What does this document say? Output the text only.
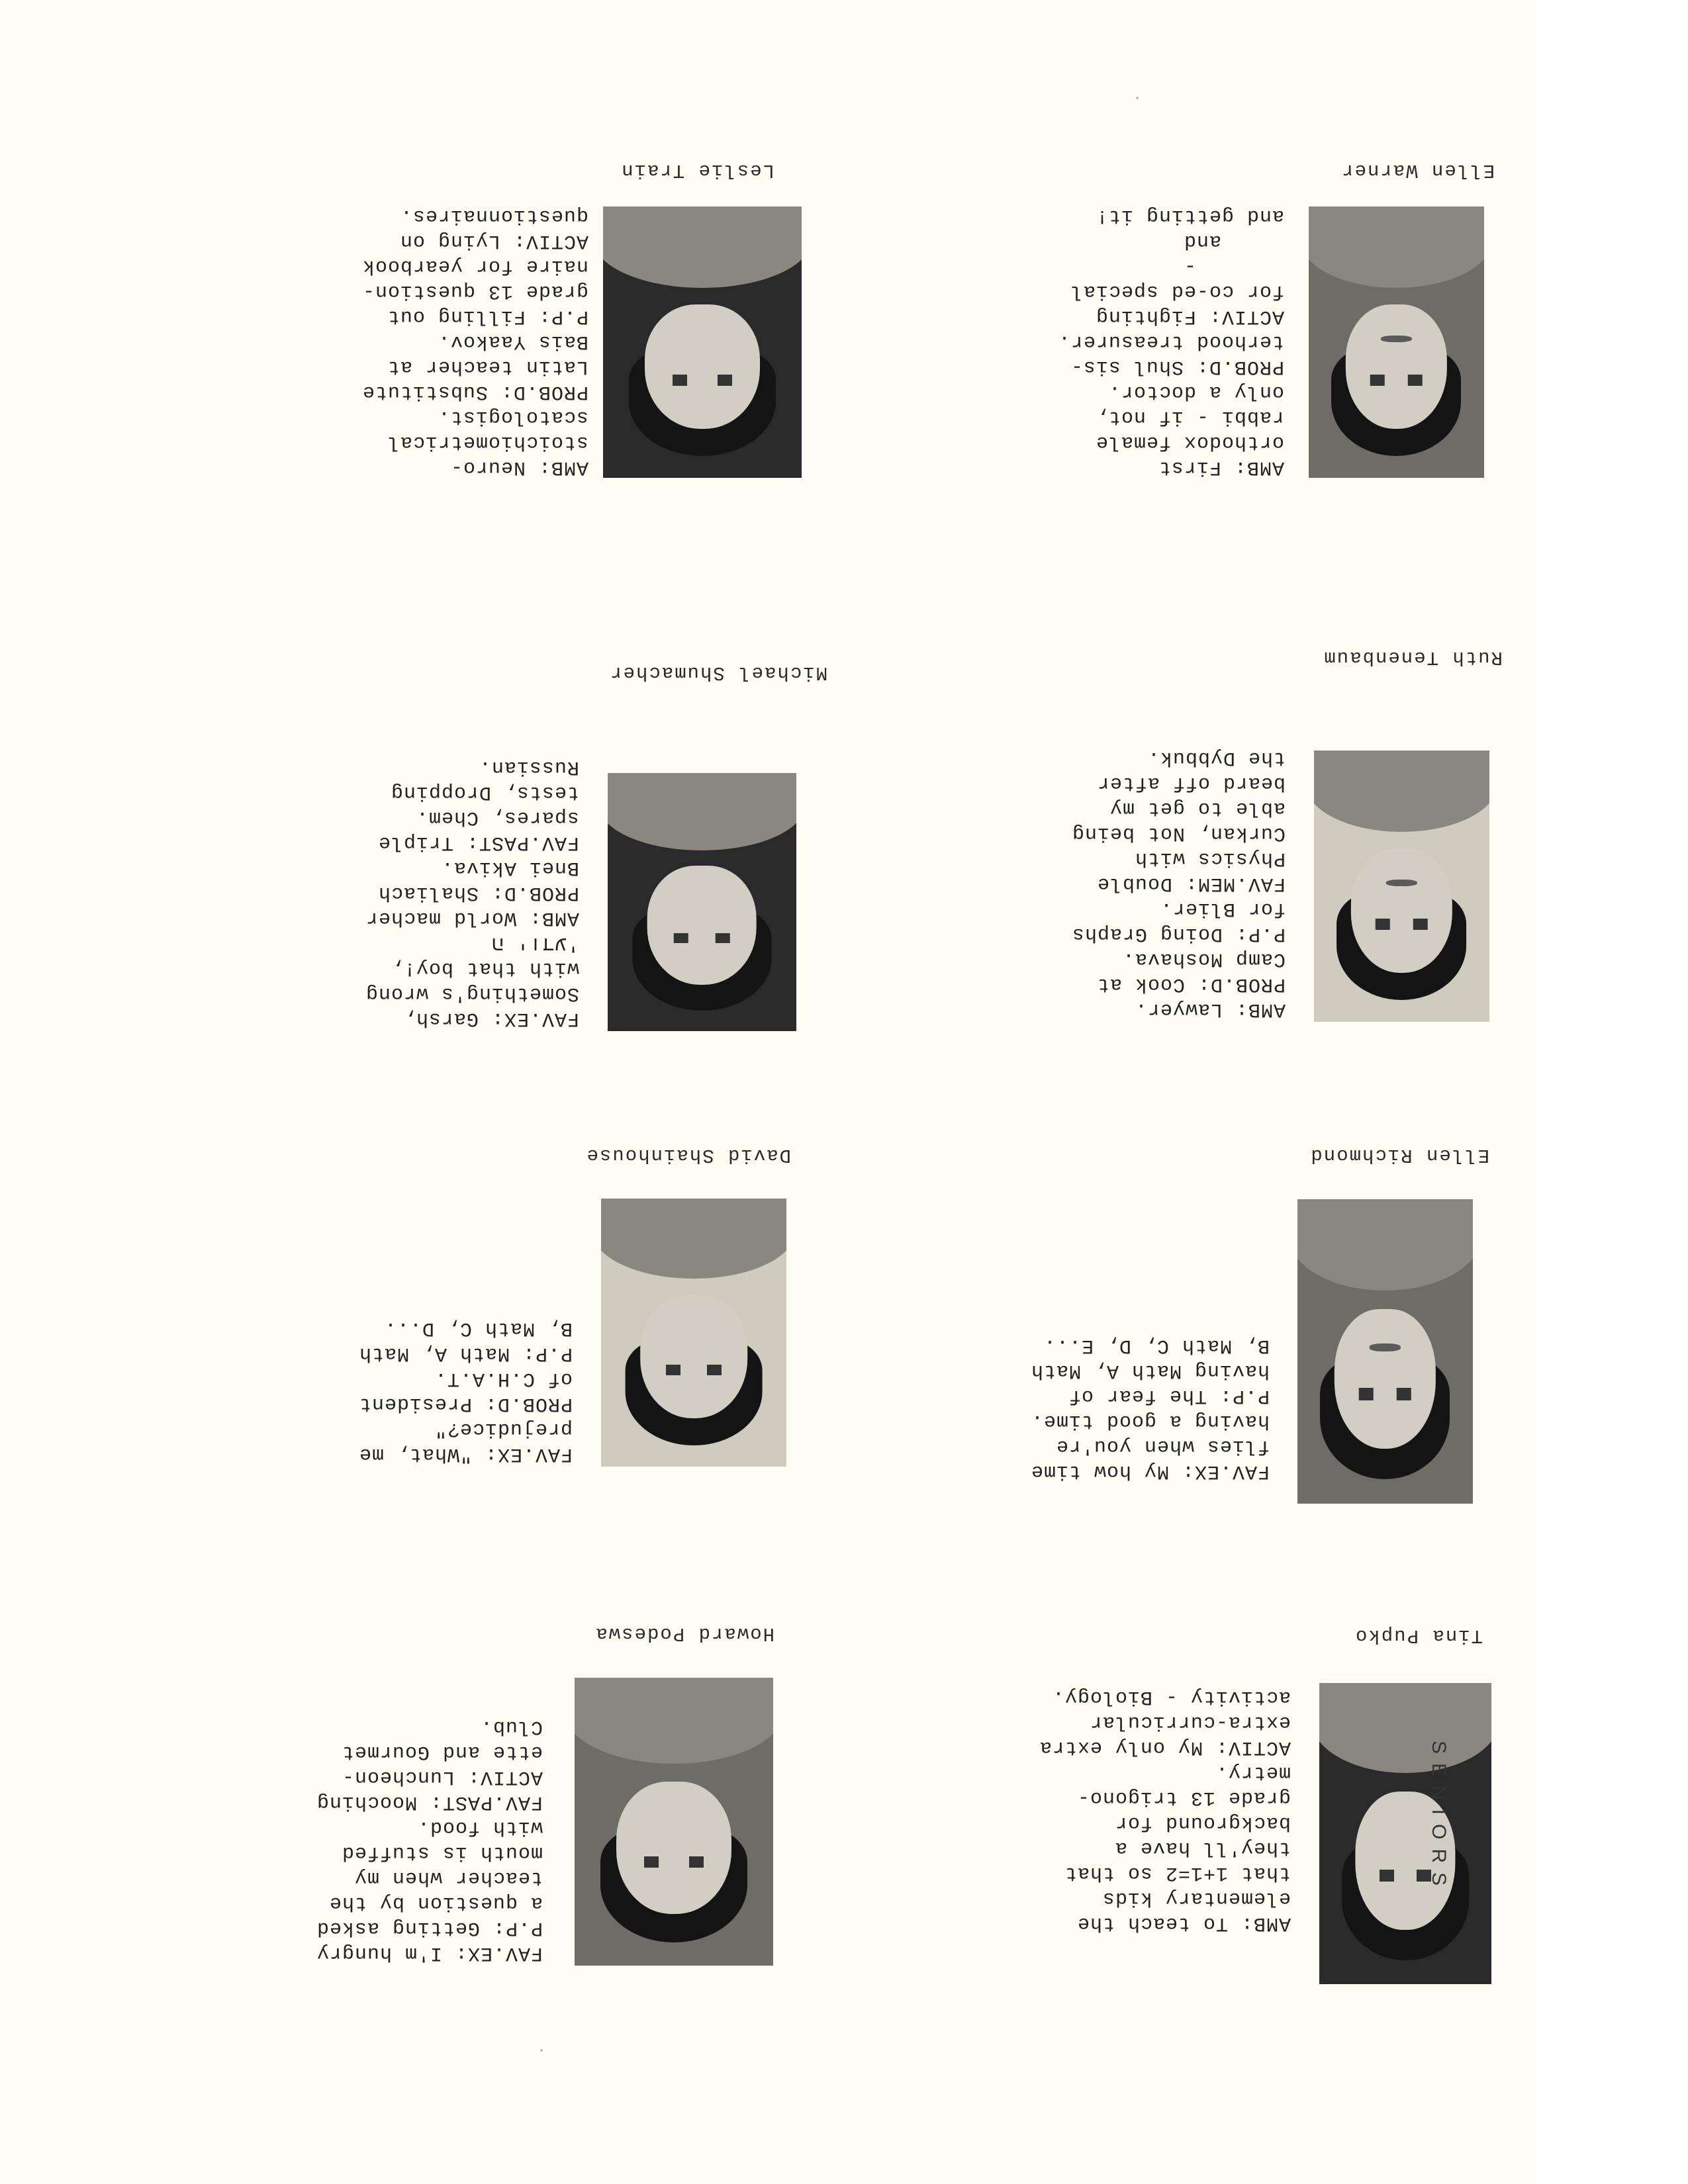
Leslie Train
AMB: Neuro-
stoichiometrical
scatologist.
PROB.D: Substitute
Latin teacher at
Bais Yaakov.
P.P: Filling out
grade 13 question-
naire for yearbook
ACTIV: Lying on
questionnaires.
Ellen Warner
AMB: First
orthodox female
rabbi - if not,
only a doctor.
PROB.D: Shul sis-
terhood treasurer.
ACTIV: Fighting
for co-ed special
-
and
and getting it!
Michael Shumacher
FAV.EX: Garsh,
Something's wrong
with that boy!,
'ה יודע
AMB: World macher
PROB.D: Shaliach
Bnei Akiva.
FAV.PAST: Triple
spares, Chem.
tests, Dropping
Russian.
Ruth Tenenbaum
AMB: Lawyer.
PROB.D: Cook at
Camp Moshava.
P.P: Doing Graphs
for Blier.
FAV.MEM: Double
Physics with
Curkan, Not being
able to get my
beard off after
the Dybbuk.
David Shainhouse
FAV.EX: "What, me
prejudice?"
PROB.D: President
of C.H.A.T.
P.P: Math A, Math
B, Math C, D...
Ellen Richmond
FAV.EX: My how time
flies when you're
having a good time.
P.P: The fear of
having Math A, Math
B, Math C, D, E...
Howard Podeswa
FAV.EX: I'm hungry
P.P: Getting asked
a question by the
teacher when my
mouth is stuffed
with food.
FAV.PAST: Mooching
ACTIV: Luncheon-
ette and Gourmet
Club.
Tina Pupko
AMB: To teach the
elementary kids
that 1+1=2 so that
they'll have a
background for
grade 13 trigono-
metry.
ACTIV: My only extra
extra-curricular
activity - Biology.
SENIORS
